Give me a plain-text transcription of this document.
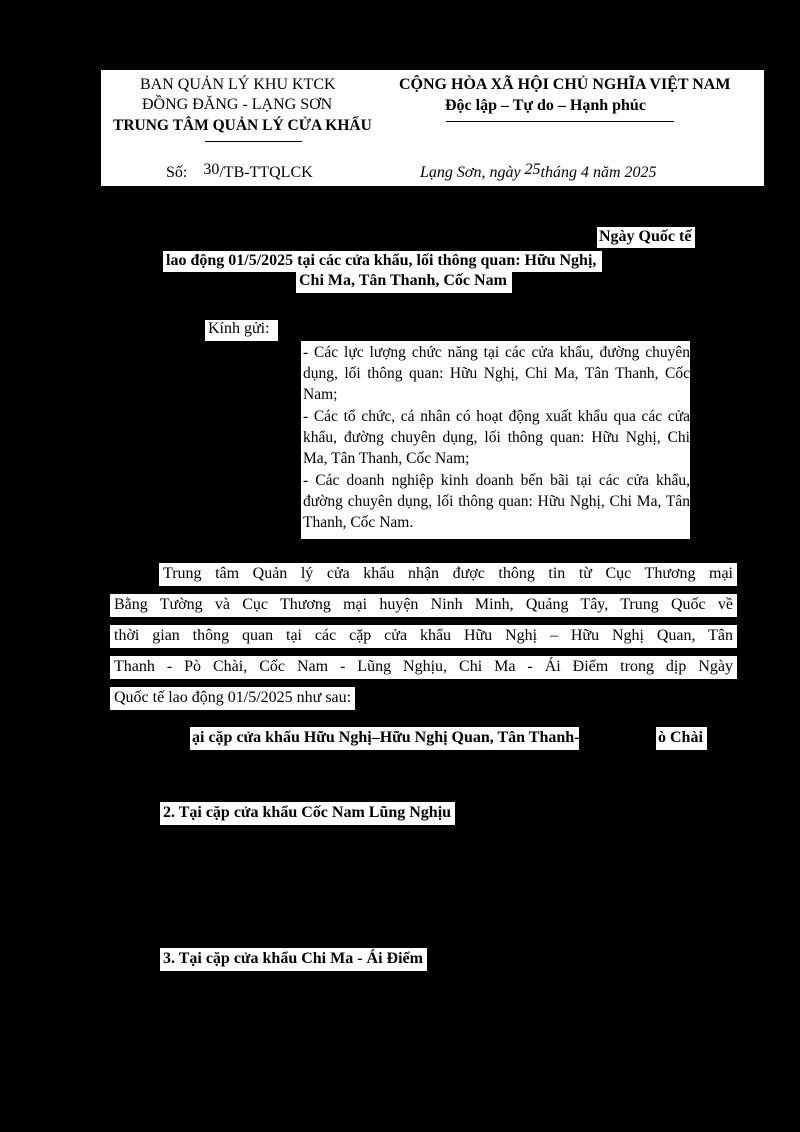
BAN QUẢN LÝ KHU KTCK
ĐỒNG ĐĂNG - LẠNG SƠN
TRUNG TÂM QUẢN LÝ CỬA KHẨU
CỘNG HÒA XÃ HỘI CHỦ NGHĨA VIỆT NAM
Độc lập – Tự do – Hạnh phúc
Số: 30/TB-TTQLCK	Lạng Sơn, ngày 25tháng 4 năm 2025
Ngày Quốc tế
lao động 01/5/2025 tại các cửa khẩu, lối thông quan: Hữu Nghị,
Chi Ma, Tân Thanh, Cốc Nam
Kính gửi:

- Các lực lượng chức năng tại các cửa khẩu, đường chuyên dụng, lối thông quan: Hữu Nghị, Chi Ma, Tân Thanh, Cốc Nam;

- Các tổ chức, cá nhân có hoạt động xuất khẩu qua các cửa khẩu, đường chuyên dụng, lối thông quan: Hữu Nghị, Chi Ma, Tân Thanh, Cốc Nam;

- Các doanh nghiệp kinh doanh bến bãi tại các cửa khẩu, đường chuyên dụng, lối thông quan: Hữu Nghị, Chi Ma, Tân Thanh, Cốc Nam.

Trung tâm Quản lý cửa khẩu nhận được thông tin từ Cục Thương mại
Bằng Tường và Cục Thương mại huyện Ninh Minh, Quảng Tây, Trung Quốc về
thời gian thông quan tại các cặp cửa khẩu Hữu Nghị – Hữu Nghị Quan, Tân
Thanh - Pò Chài, Cốc Nam - Lũng Nghịu, Chi Ma - Ái Điểm trong dịp Ngày
Quốc tế lao động 01/5/2025 như sau:
ại cặp cửa khẩu Hữu Nghị–Hữu Nghị Quan, Tân Thanh-	ò Chài
2. Tại cặp cửa khẩu Cốc Nam Lũng Nghịu
3. Tại cặp cửa khẩu Chi Ma - Ái Điểm
